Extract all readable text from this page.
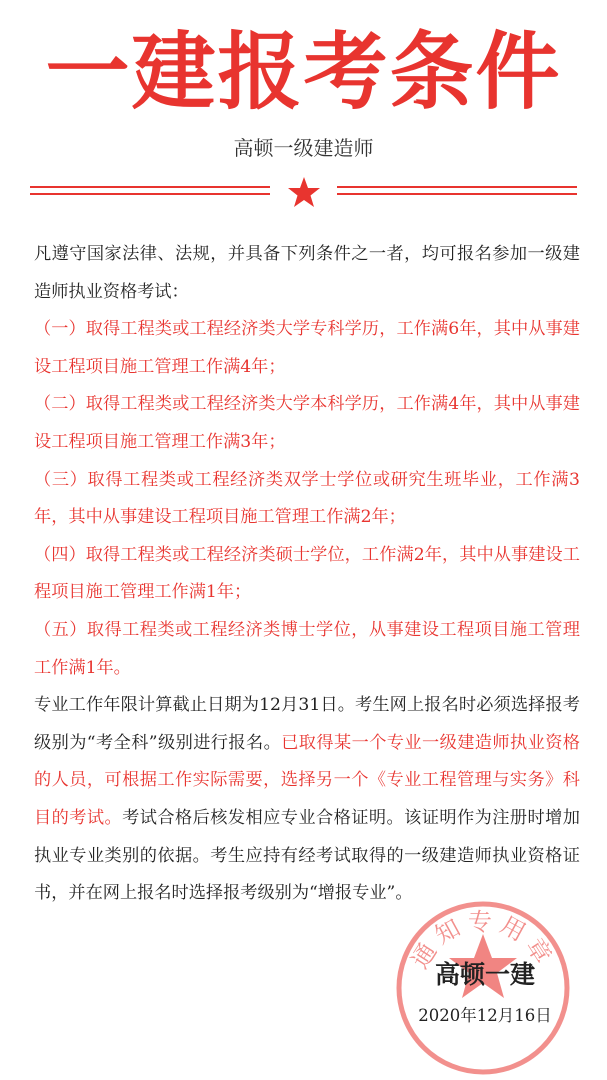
一建报考条件
高顿一级建造师

凡遵守国家法律、法规，并具备下列条件之一者，均可报名参加一级建造师执业资格考试：

（一）取得工程类或工程经济类大学专科学历，工作满6年，其中从事建设工程项目施工管理工作满4年；

（二）取得工程类或工程经济类大学本科学历，工作满4年，其中从事建设工程项目施工管理工作满3年；

（三）取得工程类或工程经济类双学士学位或研究生班毕业，工作满3年，其中从事建设工程项目施工管理工作满2年；

（四）取得工程类或工程经济类硕士学位，工作满2年，其中从事建设工程项目施工管理工作满1年；

（五）取得工程类或工程经济类博士学位，从事建设工程项目施工管理工作满1年。

专业工作年限计算截止日期为12月31日。考生网上报名时必须选择报考级别为“考全科”级别进行报名。已取得某一个专业一级建造师执业资格的人员，可根据工作实际需要，选择另一个《专业工程管理与实务》科目的考试。考试合格后核发相应专业合格证明。该证明作为注册时增加执业专业类别的依据。考生应持有经考试取得的一级建造师执业资格证书，并在网上报名时选择报考级别为“增报专业”。

通知专用章
高顿一建
2020年12月16日
